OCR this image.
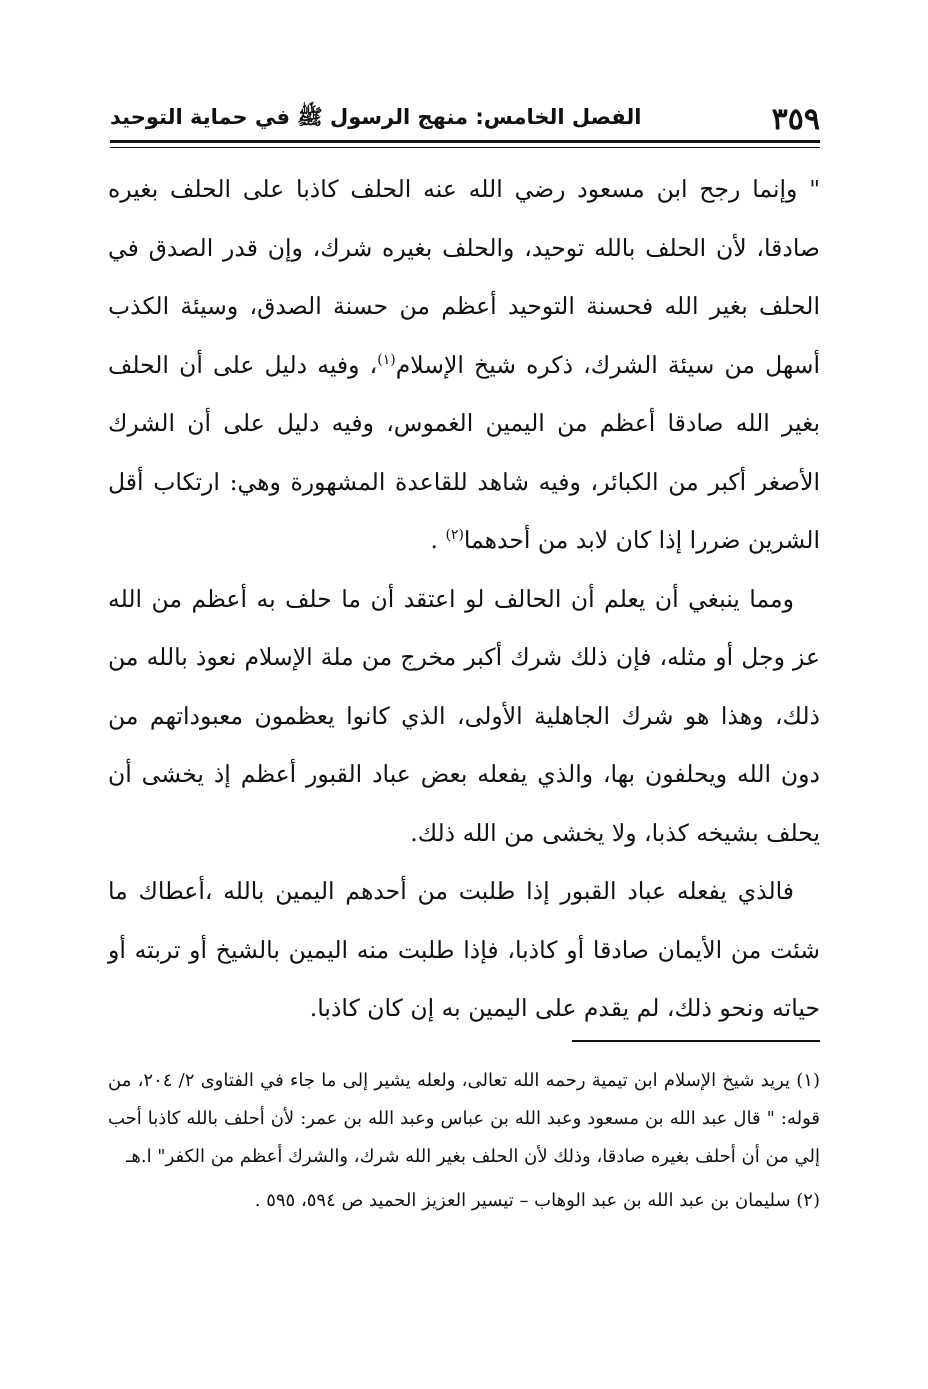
٣٥٩
الفصل الخامس: منهج الرسول ﷺ في حماية التوحيد

" وإنما رجح ابن مسعود رضي الله عنه الحلف كاذبا على الحلف بغيره صادقا، لأن الحلف بالله توحيد، والحلف بغيره شرك، وإن قدر الصدق في الحلف بغير الله فحسنة التوحيد أعظم من حسنة الصدق، وسيئة الكذب أسهل من سيئة الشرك، ذكره شيخ الإسلام$^{(١)}$، وفيه دليل على أن الحلف بغير الله صادقا أعظم من اليمين الغموس، وفيه دليل على أن الشرك الأصغر أكبر من الكبائر، وفيه شاهد للقاعدة المشهورة وهي: ارتكاب أقل الشرين ضررا إذا كان لابد من أحدهما$^{(٢)}$ .

ومما ينبغي أن يعلم أن الحالف لو اعتقد أن ما حلف به أعظم من الله عز وجل أو مثله، فإن ذلك شرك أكبر مخرج من ملة الإسلام نعوذ بالله من ذلك، وهذا هو شرك الجاهلية الأولى، الذي كانوا يعظمون معبوداتهم من دون الله ويحلفون بها، والذي يفعله بعض عباد القبور أعظم إذ يخشى أن يحلف بشيخه كذبا، ولا يخشى من الله ذلك.

فالذي يفعله عباد القبور إذا طلبت من أحدهم اليمين بالله ،أعطاك ما شئت من الأيمان صادقا أو كاذبا، فإذا طلبت منه اليمين بالشيخ أو تربته أو حياته ونحو ذلك، لم يقدم على اليمين به إن كان كاذبا.

(١) يريد شيخ الإسلام ابن تيمية رحمه الله تعالى، ولعله يشير إلى ما جاء في الفتاوى ٢/ ٢٠٤، من قوله: " قال عبد الله بن مسعود وعبد الله بن عباس وعبد الله بن عمر: لأن أحلف بالله كاذبا أحب إلي من أن أحلف بغيره صادقا، وذلك لأن الحلف بغير الله شرك، والشرك أعظم من الكفر" ا.هـ

(٢) سليمان بن عبد الله بن عبد الوهاب – تيسير العزيز الحميد ص ٥٩٤، ٥٩٥ .
